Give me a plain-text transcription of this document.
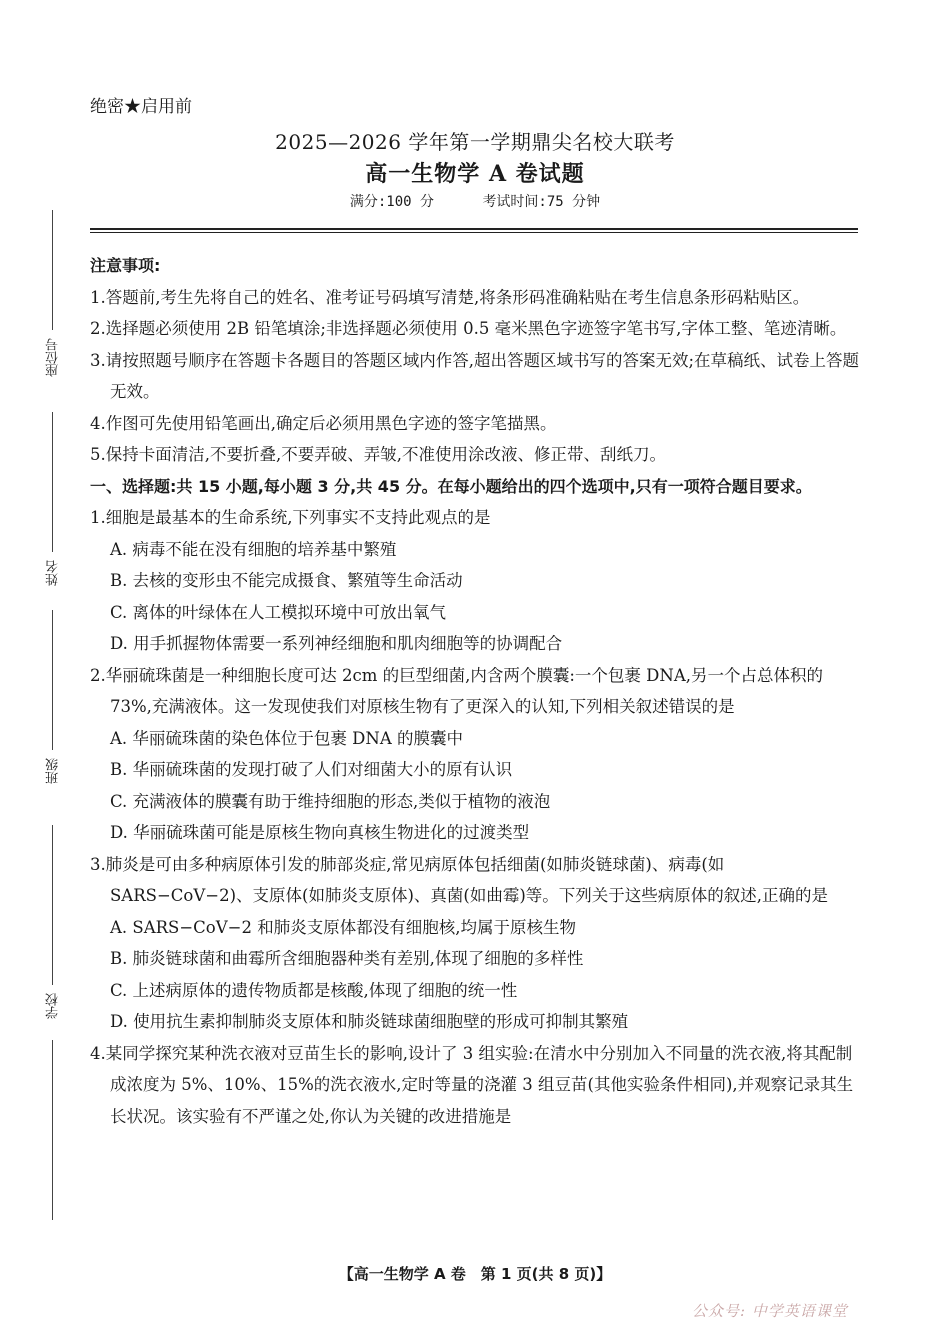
绝密★启用前
2025—2026 学年第一学期鼎尖名校大联考
高一生物学 A 卷试题
满分:100 分	考试时间:75 分钟
座位号
姓名
班级
学校
注意事项:
1.答题前,考生先将自己的姓名、准考证号码填写清楚,将条形码准确粘贴在考生信息条形码粘贴区。
2.选择题必须使用 2B 铅笔填涂;非选择题必须使用 0.5 毫米黑色字迹签字笔书写,字体工整、笔迹清晰。
3.请按照题号顺序在答题卡各题目的答题区域内作答,超出答题区域书写的答案无效;在草稿纸、试卷上答题无效。
4.作图可先使用铅笔画出,确定后必须用黑色字迹的签字笔描黑。
5.保持卡面清洁,不要折叠,不要弄破、弄皱,不准使用涂改液、修正带、刮纸刀。
一、选择题:共 15 小题,每小题 3 分,共 45 分。在每小题给出的四个选项中,只有一项符合题目要求。
1.细胞是最基本的生命系统,下列事实不支持此观点的是
A. 病毒不能在没有细胞的培养基中繁殖
B. 去核的变形虫不能完成摄食、繁殖等生命活动
C. 离体的叶绿体在人工模拟环境中可放出氧气
D. 用手抓握物体需要一系列神经细胞和肌肉细胞等的协调配合
2.华丽硫珠菌是一种细胞长度可达 2cm 的巨型细菌,内含两个膜囊:一个包裹 DNA,另一个占总体积的 73%,充满液体。这一发现使我们对原核生物有了更深入的认知,下列相关叙述错误的是
A. 华丽硫珠菌的染色体位于包裹 DNA 的膜囊中
B. 华丽硫珠菌的发现打破了人们对细菌大小的原有认识
C. 充满液体的膜囊有助于维持细胞的形态,类似于植物的液泡
D. 华丽硫珠菌可能是原核生物向真核生物进化的过渡类型
3.肺炎是可由多种病原体引发的肺部炎症,常见病原体包括细菌(如肺炎链球菌)、病毒(如SARS−CoV−2)、支原体(如肺炎支原体)、真菌(如曲霉)等。下列关于这些病原体的叙述,正确的是
A. SARS−CoV−2 和肺炎支原体都没有细胞核,均属于原核生物
B. 肺炎链球菌和曲霉所含细胞器种类有差别,体现了细胞的多样性
C. 上述病原体的遗传物质都是核酸,体现了细胞的统一性
D. 使用抗生素抑制肺炎支原体和肺炎链球菌细胞壁的形成可抑制其繁殖
4.某同学探究某种洗衣液对豆苗生长的影响,设计了 3 组实验:在清水中分别加入不同量的洗衣液,将其配制成浓度为 5%、10%、15%的洗衣液水,定时等量的浇灌 3 组豆苗(其他实验条件相同),并观察记录其生长状况。该实验有不严谨之处,你认为关键的改进措施是
【高一生物学 A 卷　第 1 页(共 8 页)】
公众号: 中学英语课堂
